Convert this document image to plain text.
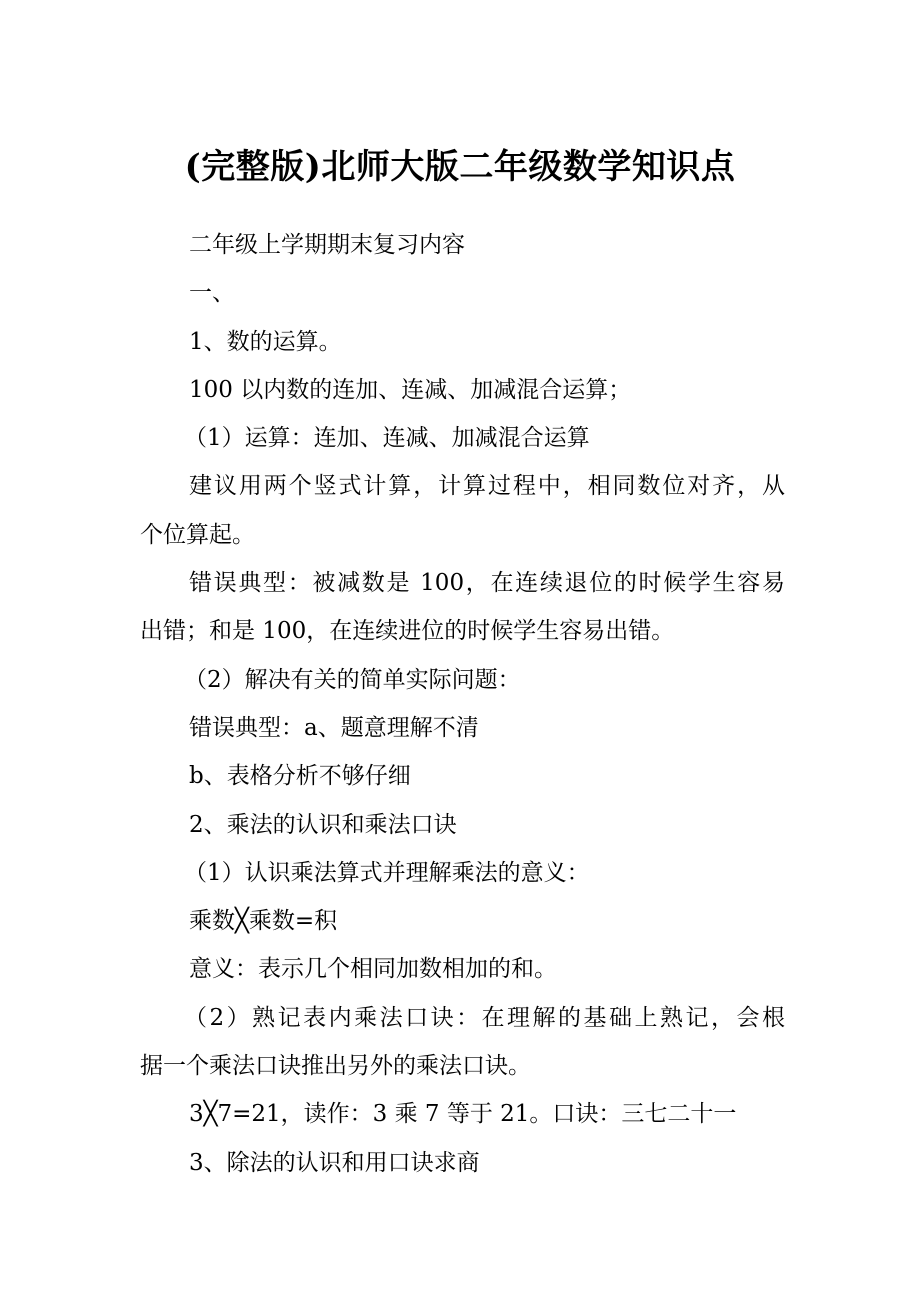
(完整版)北师大版二年级数学知识点
二年级上学期期末复习内容
一、
1、数的运算。
100 以内数的连加、连减、加减混合运算；
（1）运算：连加、连减、加减混合运算
建议用两个竖式计算，计算过程中，相同数位对齐，从
个位算起。
错误典型：被减数是 100，在连续退位的时候学生容易
出错；和是 100，在连续进位的时候学生容易出错。
（2）解决有关的简单实际问题：
错误典型：a、题意理解不清
b、表格分析不够仔细
2、乘法的认识和乘法口诀
（1）认识乘法算式并理解乘法的意义：
乘数╳乘数=积
意义：表示几个相同加数相加的和。
（2）熟记表内乘法口诀：在理解的基础上熟记，会根
据一个乘法口诀推出另外的乘法口诀。
3╳7=21，读作：3 乘 7 等于 21。口诀：三七二十一
3、除法的认识和用口诀求商
